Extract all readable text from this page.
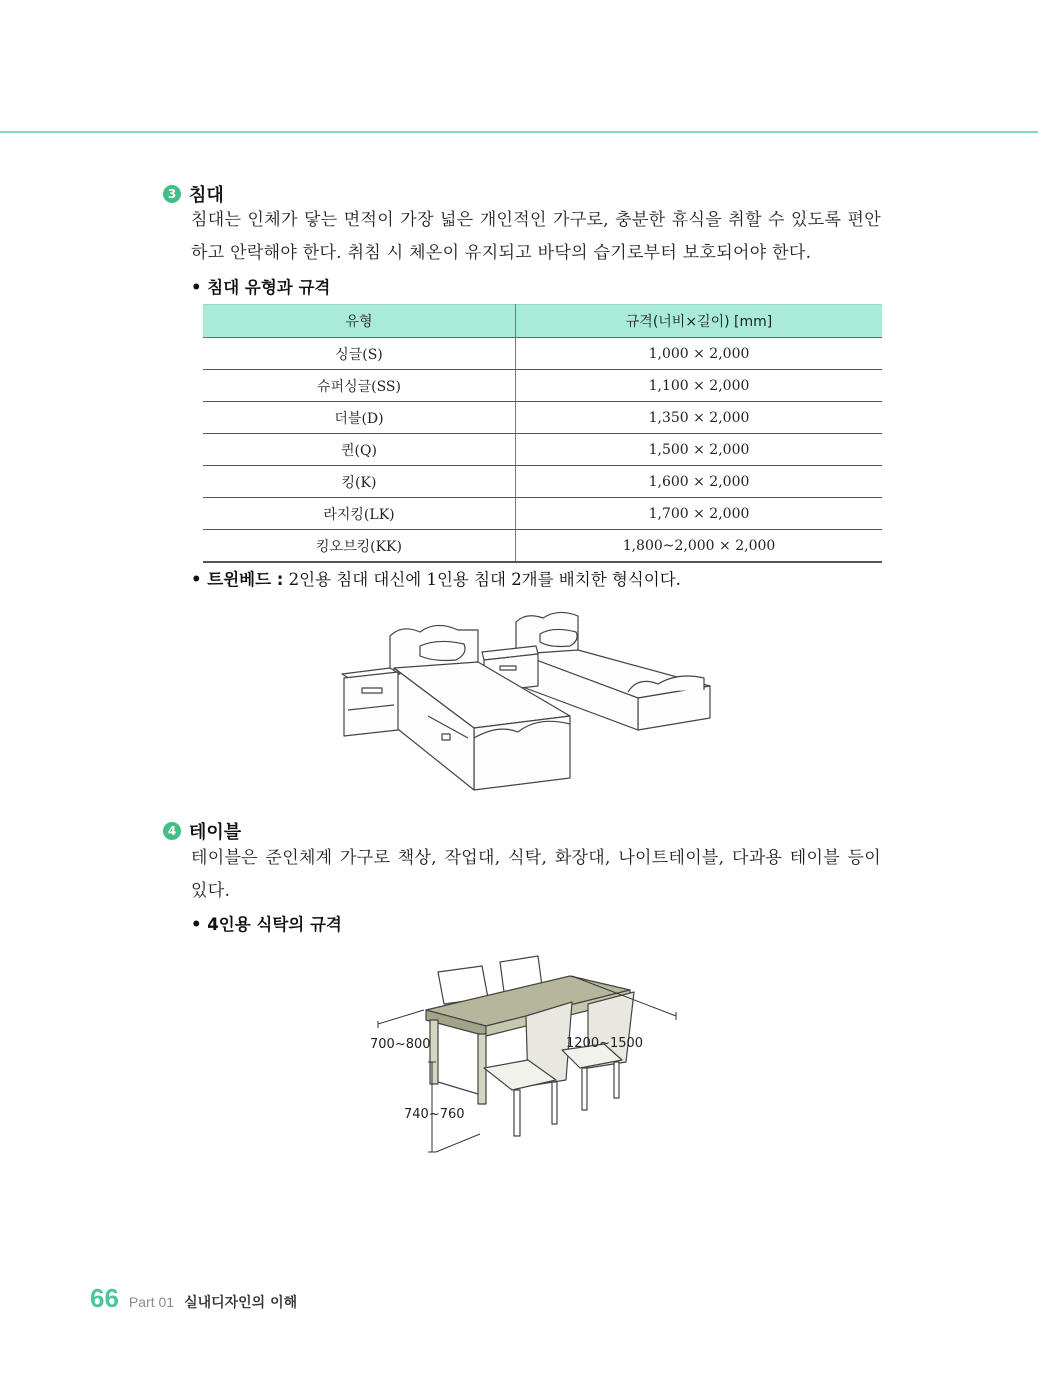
3 침대

침대는 인체가 닿는 면적이 가장 넓은 개인적인 가구로, 충분한 휴식을 취할 수 있도록 편안하고 안락해야 한다. 취침 시 체온이 유지되고 바닥의 습기로부터 보호되어야 한다.

• 침대 유형과 규격
유형	규격(너비×길이) [mm]
싱글(S)	1,000 × 2,000
슈퍼싱글(SS)	1,100 × 2,000
더블(D)	1,350 × 2,000
퀸(Q)	1,500 × 2,000
킹(K)	1,600 × 2,000
라지킹(LK)	1,700 × 2,000
킹오브킹(KK)	1,800~2,000 × 2,000
• 트윈베드 : 2인용 침대 대신에 1인용 침대 2개를 배치한 형식이다.
4 테이블

테이블은 준인체계 가구로 책상, 작업대, 식탁, 화장대, 나이트테이블, 다과용 테이블 등이 있다.

• 4인용 식탁의 규격
700~800	1200~1500
740~760
66 Part 01 실내디자인의 이해
